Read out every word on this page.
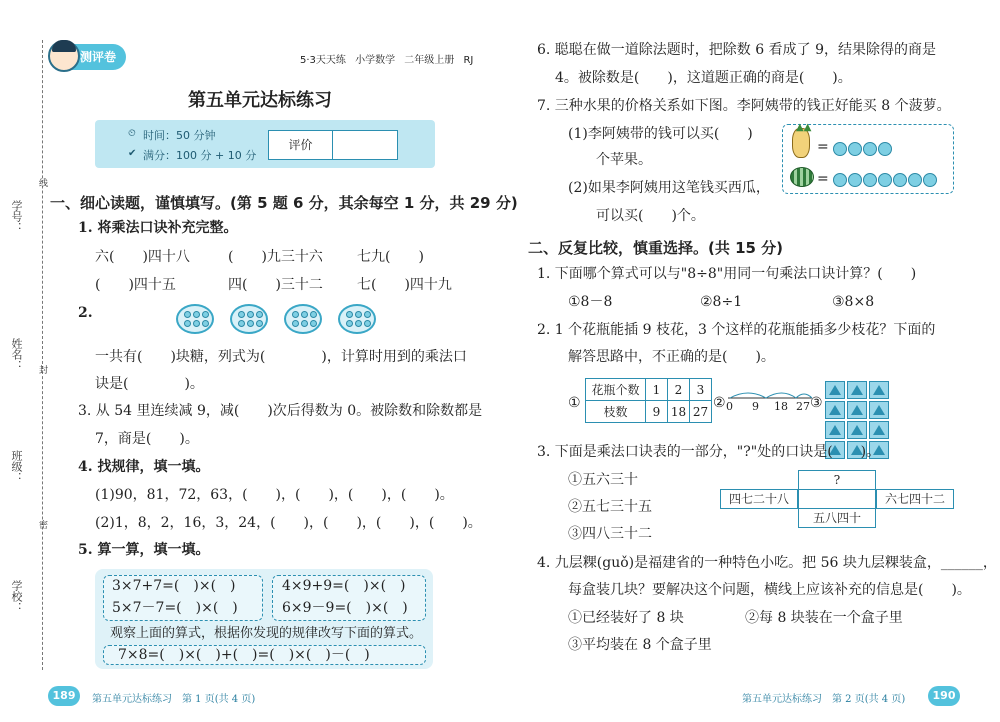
学号：
线
姓名： 封
班级：
密
学校：
测评卷	5·3天天练 小学数学 二年级上册 RJ
第五单元达标练习
⏲ 时间：50 分钟
✔ 满分：100 分 + 10 分
评价
一、细心读题，谨慎填写。(第 5 题 6 分，其余每空 1 分，共 29 分)
1. 将乘法口诀补充完整。
六(　　)四十八	(　　)九三十六 七九(　　)
(　　)四十五	四(　　)三十二 七(　　)四十九
2.
一共有(　　)块糖，列式为(　　　　)，计算时用到的乘法口
诀是(　　　　)。
3. 从 54 里连续减 9，减(　　)次后得数为 0。被除数和除数都是
7，商是(　　)。
4. 找规律，填一填。
(1)90，81，72，63，(　　)，(　　)，(　　)，(　　)。
(2)1，8，2，16，3，24，(　　)，(　　)，(　　)，(　　)。
5. 算一算，填一填。
3×7+7=(　)×(　)
5×7－7=(　)×(　)
4×9+9=(　)×(　)
6×9－9=(　)×(　)
观察上面的算式，根据你发现的规律改写下面的算式。
7×8=(　)×(　)+(　)=(　)×(　)－(　)
6. 聪聪在做一道除法题时，把除数 6 看成了 9，结果除得的商是
4。被除数是(　　)，这道题正确的商是(　　)。
7. 三种水果的价格关系如下图。李阿姨带的钱正好能买 8 个菠萝。
(1)李阿姨带的钱可以买(　　)
个苹果。
(2)如果李阿姨用这笔钱买西瓜，
可以买(　　)个。
▲▲
=
=
二、反复比较，慎重选择。(共 15 分)
1. 下面哪个算式可以与"8÷8"用同一句乘法口诀计算？(　　)
①8－8	②8÷1	③8×8
2. 1 个花瓶能插 9 枝花，3 个这样的花瓶能插多少枝花？下面的
解答思路中，不正确的是(　　)。
①
花瓶个数	1	2	3
枝数	9	18	27
② 0 9 18 27 ③
3. 下面是乘法口诀表的一部分，"?"处的口诀是(　　)。
①五六三十
②五七三十五
③四八三十二
?
四七二十八	六七四十二
五八四十
4. 九层粿(guǒ)是福建省的一种特色小吃。把 56 块九层粿装盒，______，
每盒装几块？要解决这个问题，横线上应该补充的信息是(　　)。
①已经装好了 8 块	②每 8 块装在一个盒子里
③平均装在 8 个盒子里
189	第五单元达标练习　第 1 页(共 4 页)	第五单元达标练习　第 2 页(共 4 页)	190
